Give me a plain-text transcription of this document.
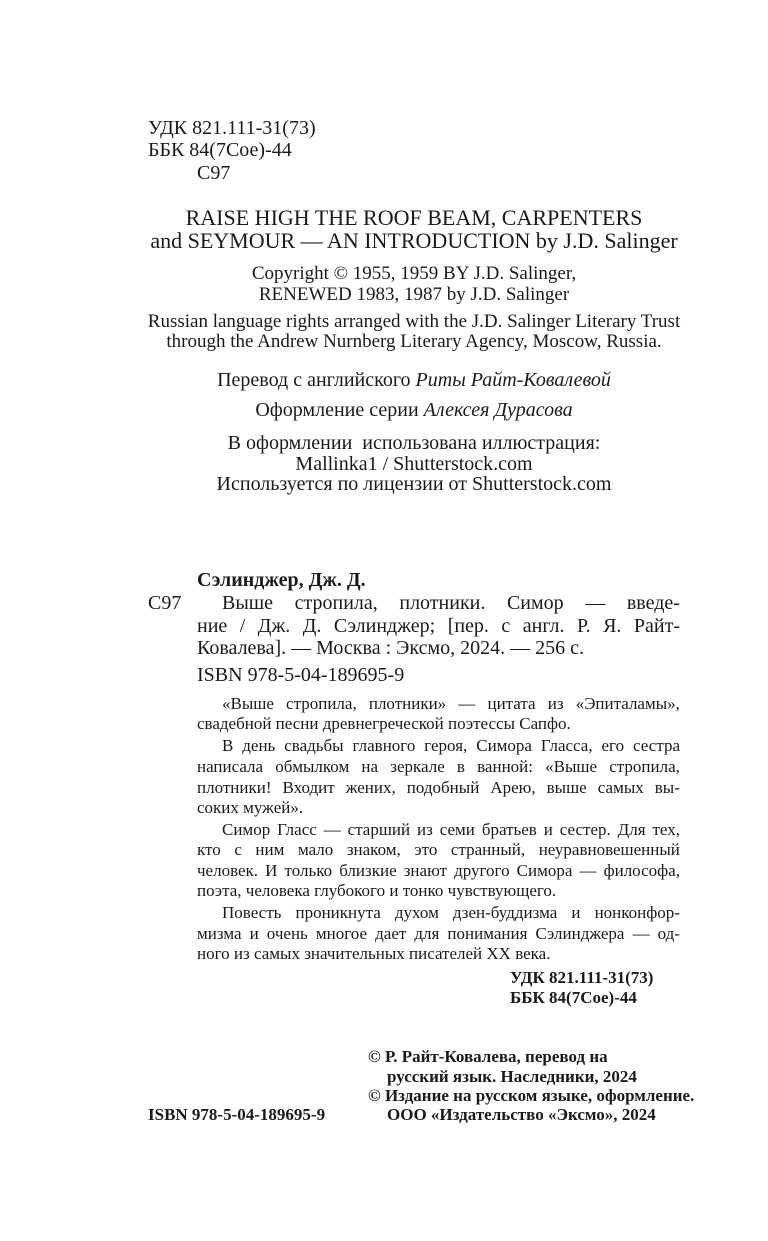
УДК 821.111-31(73)
ББК 84(7Сое)-44
С97
RAISE HIGH THE ROOF BEAM, CARPENTERS
and SEYMOUR — AN INTRODUCTION by J.D. Salinger
Copyright © 1955, 1959 BY J.D. Salinger,
RENEWED 1983, 1987 by J.D. Salinger
Russian language rights arranged with the J.D. Salinger Literary Trust
through the Andrew Nurnberg Literary Agency, Moscow, Russia.
Перевод с английского Риты Райт-Ковалевой
Оформление серии Алексея Дурасова
В оформлении  использована иллюстрация:
Mallinka1 / Shutterstock.com
Используется по лицензии от Shutterstock.com
Сэлинджер, Дж. Д.
С97 Выше стропила, плотники. Симор — введе-
ние / Дж. Д. Сэлинджер; [пер. с англ. Р. Я. Райт-
Ковалева]. — Москва : Эксмо, 2024. — 256 с.
ISBN 978-5-04-189695-9
«Выше стропила, плотники» — цитата из «Эпиталамы»,
свадебной песни древнегреческой поэтессы Сапфо.
В день свадьбы главного героя, Симора Гласса, его сестра
написала обмылком на зеркале в ванной: «Выше стропила,
плотники! Входит жених, подобный Арею, выше самых вы-
соких мужей».
Симор Гласс — старший из семи братьев и сестер. Для тех,
кто с ним мало знаком, это странный, неуравновешенный
человек. И только близкие знают другого Симора — философа,
поэта, человека глубокого и тонко чувствующего.
Повесть проникнута духом дзен-буддизма и нонконфор-
мизма и очень многое дает для понимания Сэлинджера — од-
ного из самых значительных писателей XX века.
УДК 821.111-31(73)
ББК 84(7Сое)-44
© Р. Райт-Ковалева, перевод на
русский язык. Наследники, 2024
© Издание на русском языке, оформление.
ООО «Издательство «Эксмо», 2024
ISBN 978-5-04-189695-9
